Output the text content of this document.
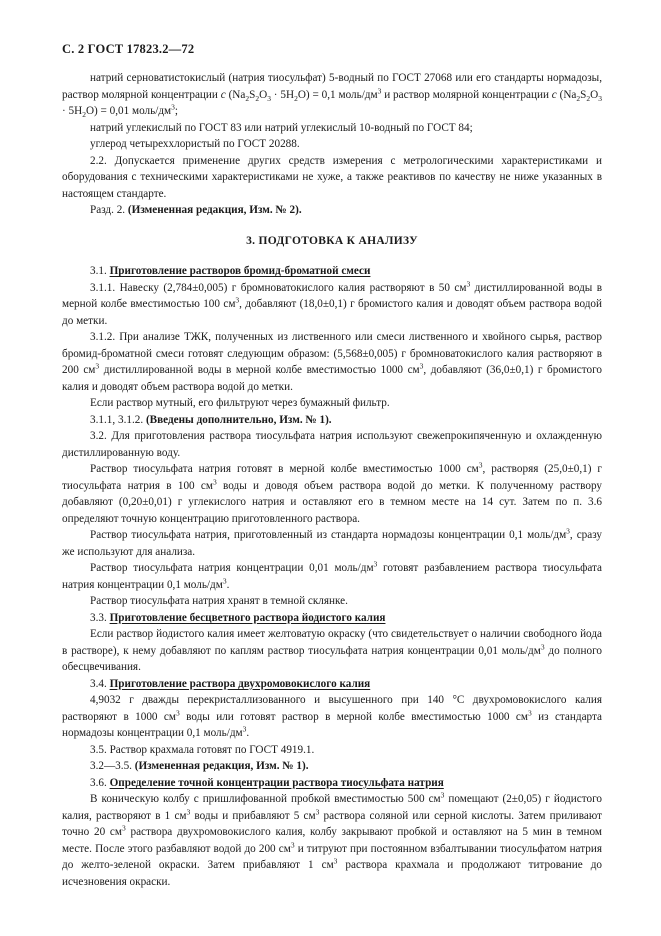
С. 2 ГОСТ 17823.2—72

натрий серноватистокислый (натрия тиосульфат) 5-водный по ГОСТ 27068 или его стандарты нормадозы, раствор молярной концентрации c $(Na_2S_2O_3 \cdot 5H_2O) = 0,1$ моль/$дм^3$ и раствор молярной концентрации c $(Na_2S_2O_3 \cdot 5H_2O) = 0,01$ моль/$дм^3$;

натрий углекислый по ГОСТ 83 или натрий углекислый 10-водный по ГОСТ 84;

углерод четыреххлористый по ГОСТ 20288.

2.2. Допускается применение других средств измерения с метрологическими характеристиками и оборудования с техническими характеристиками не хуже, а также реактивов по качеству не ниже указанных в настоящем стандарте.

Разд. 2. (Измененная редакция, Изм. № 2).

3. ПОДГОТОВКА К АНАЛИЗУ

3.1. Приготовление растворов бромид-броматной смеси

3.1.1. Навеску (2,784±0,005) г бромноватокислого калия растворяют в 50 $см^3$ дистиллированной воды в мерной колбе вместимостью 100 $см^3$, добавляют (18,0±0,1) г бромистого калия и доводят объем раствора водой до метки.

3.1.2. При анализе ТЖК, полученных из лиственного или смеси лиственного и хвойного сырья, раствор бромид-броматной смеси готовят следующим образом: (5,568±0,005) г бромноватокислого калия растворяют в 200 $см^3$ дистиллированной воды в мерной колбе вместимостью 1000 $см^3$, добавляют (36,0±0,1) г бромистого калия и доводят объем раствора водой до метки.

Если раствор мутный, его фильтруют через бумажный фильтр.

3.1.1, 3.1.2. (Введены дополнительно, Изм. № 1).

3.2. Для приготовления раствора тиосульфата натрия используют свежепрокипяченную и охлажденную дистиллированную воду.

Раствор тиосульфата натрия готовят в мерной колбе вместимостью 1000 $см^3$, растворяя (25,0±0,1) г тиосульфата натрия в 100 $см^3$ воды и доводя объем раствора водой до метки. К полученному раствору добавляют (0,20±0,01) г углекислого натрия и оставляют его в темном месте на 14 сут. Затем по п. 3.6 определяют точную концентрацию приготовленного раствора.

Раствор тиосульфата натрия, приготовленный из стандарта нормадозы концентрации 0,1 моль/$дм^3$, сразу же используют для анализа.

Раствор тиосульфата натрия концентрации 0,01 моль/$дм^3$ готовят разбавлением раствора тиосульфата натрия концентрации 0,1 моль/$дм^3$.

Раствор тиосульфата натрия хранят в темной склянке.

3.3. Приготовление бесцветного раствора йодистого калия

Если раствор йодистого калия имеет желтоватую окраску (что свидетельствует о наличии свободного йода в растворе), к нему добавляют по каплям раствор тиосульфата натрия концентрации 0,01 моль/$дм^3$ до полного обесцвечивания.

3.4. Приготовление раствора двухромовокислого калия

4,9032 г дважды перекристаллизованного и высушенного при 140 °С двухромовокислого калия растворяют в 1000 $см^3$ воды или готовят раствор в мерной колбе вместимостью 1000 $см^3$ из стандарта нормадозы концентрации 0,1 моль/$дм^3$.

3.5. Раствор крахмала готовят по ГОСТ 4919.1.

3.2—3.5. (Измененная редакция, Изм. № 1).

3.6. Определение точной концентрации раствора тиосульфата натрия

В коническую колбу с пришлифованной пробкой вместимостью 500 $см^3$ помещают (2±0,05) г йодистого калия, растворяют в 1 $см^3$ воды и прибавляют 5 $см^3$ раствора соляной или серной кислоты. Затем приливают точно 20 $см^3$ раствора двухромовокислого калия, колбу закрывают пробкой и оставляют на 5 мин в темном месте. После этого разбавляют водой до 200 $см^3$ и титруют при постоянном взбалтывании тиосульфатом натрия до желто-зеленой окраски. Затем прибавляют 1 $см^3$ раствора крахмала и продолжают титрование до исчезновения окраски.
